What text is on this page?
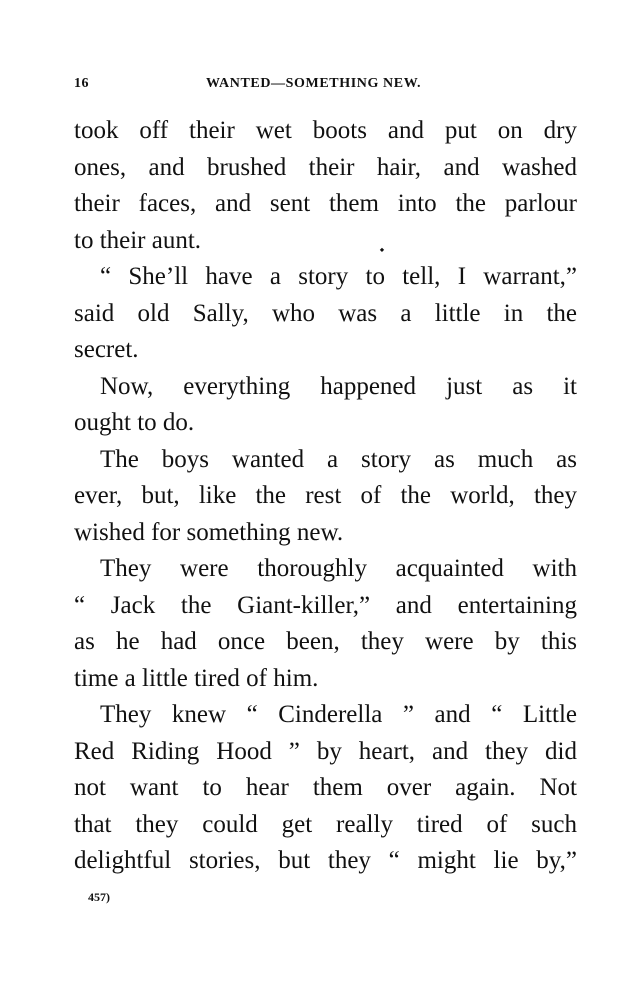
16	WANTED—SOMETHING NEW.
took off their wet boots and put on dry
ones, and brushed their hair, and washed
their faces, and sent them into the parlour
to their aunt.
“ She’ll have a story to tell, I warrant,”
said old Sally, who was a little in the
secret.
Now, everything happened just as it
ought to do.
The boys wanted a story as much as
ever, but, like the rest of the world, they
wished for something new.
They were thoroughly acquainted with
“ Jack the Giant-killer,” and entertaining
as he had once been, they were by this
time a little tired of him.
They knew “ Cinderella ” and “ Little
Red Riding Hood ” by heart, and they did
not want to hear them over again. Not
that they could get really tired of such
delightful stories, but they “ might lie by,”
⬩
457)
